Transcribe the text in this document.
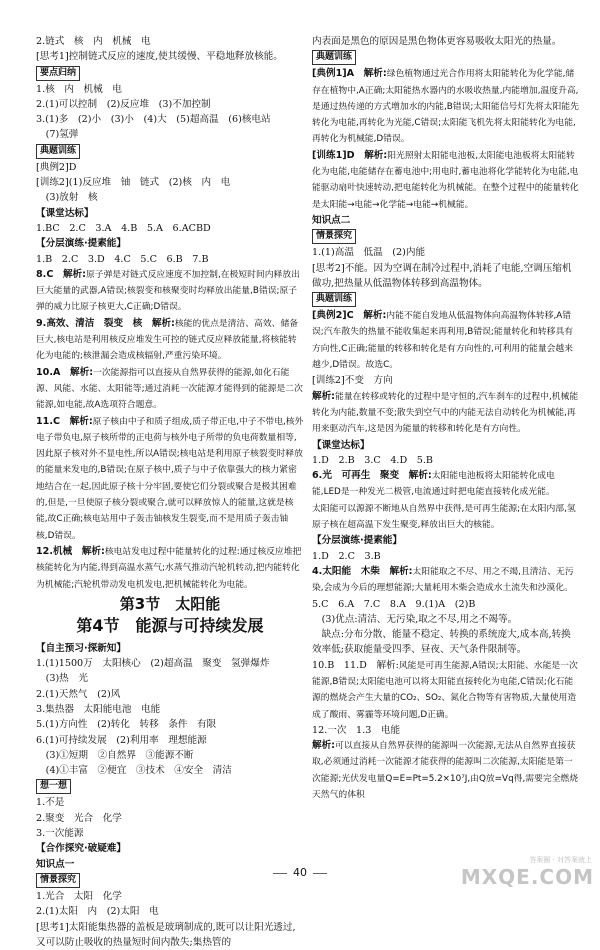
2.链式　核　内　机械　电
[思考1]控制链式反应的速度,使其缓慢、平稳地释放核能。
要点归纳
1.核　内　机械　电
2.(1)可以控制　(2)反应堆　(3)不加控制
3.(1)多　(2)小　(3)小　(4)大　(5)超高温　(6)核电站
　(7)氢弹
典题训练
[典例2]D
[训练2](1)反应堆　铀　链式　(2)核　内　电
　(3)放射　核
【课堂达标】
1.BC　2.C　3.A　4.B　5.A　6.ACBD
【分层演练·提素能】
1.B　2.C　3.D　4.C　5.C　6.B　7.B
8.C　解析:原子弹是对链式反应速度不加控制,在极短时间内释放出巨大能量的武器,A错误;核裂变和核聚变时均释放出能量,B错误;原子弹的威力比原子核更大,C正确;D错误。
9.高效、清洁　裂变　核　解析:核能的优点是清洁、高效、储备巨大,核电站是利用核反应堆发生可控的链式反应释放能量,将核能转化为电能的;核泄漏会造成核辐射,严重污染环境。
10.A　解析:一次能源指可以直接从自然界获得的能源,如化石能源、风能、水能、太阳能等;通过消耗一次能源才能得到的能源是二次能源,如电能,故A选项符合题意。
11.C　解析:原子核由中子和质子组成,质子带正电,中子不带电,核外电子带负电,原子核所带的正电荷与核外电子所带的负电荷数量相等,因此原子核对外不显电性,所以A错误;核电站是利用原子核裂变时释放的能量来发电的,B错误;在原子核中,质子与中子依靠强大的核力紧密地结合在一起,因此原子核十分牢固,要使它们分裂或聚合是极其困难的,但是,一旦使原子核分裂或聚合,就可以释放惊人的能量,这就是核能,故C正确;核电站用中子轰击铀核发生裂变,而不是用质子轰击铀核,D错误。
12.机械　解析:核电站发电过程中能量转化的过程:通过核反应堆把核能转化为内能,得到高温水蒸气;水蒸气推动汽轮机转动,把内能转化为机械能;汽轮机带动发电机发电,把机械能转化为电能。
第3节　太阳能
第4节　能源与可持续发展
【自主预习·探新知】
1.(1)1500万　太阳核心　(2)超高温　聚变　氢弹爆炸
　(3)热　光
2.(1)天然气　(2)风
3.集热器　太阳能电池　电能
5.(1)方向性　(2)转化　转移　条件　有限
6.(1)可持续发展　(2)利用率　理想能源
　(3)①短期　②自然界　③能源不断
　(4)①丰富　②便宜　③技术　④安全　清洁
想一想
1.不是
2.聚变　光合　化学
3.一次能源
【合作探究·破疑难】
知识点一
情景探究
1.光合　太阳　化学
2.(1)太阳　内　(2)太阳　电
[思考1]太阳能集热器的盖板是玻璃制成的,既可以让阳光透过,又可以防止吸收的热量短时间内散失;集热管的
内表面是黑色的原因是黑色物体更容易吸收太阳光的热量。
典题训练
[典例1]A　解析:绿色植物通过光合作用将太阳能转化为化学能,储存在植物中,A正确;太阳能热水器内的水吸收热量,内能增加,温度升高,是通过热传递的方式增加水的内能,B错误;太阳能信号灯先将太阳能先转化为电能,再转化为光能,C错误;太阳能飞机先将太阳能转化为电能,再转化为机械能,D错误。
[训练1]D　解析:阳光照射太阳能电池板,太阳能电池板将太阳能转化为电能,电能储存在蓄电池中;用电时,蓄电池将化学能转化为电能,电能驱动扇叶快速转动,把电能转化为机械能。在整个过程中的能量转化是太阳能→电能→化学能→电能→机械能。
知识点二
情景探究
1.(1)高温　低温　(2)内能
[思考2]不能。因为空调在制冷过程中,消耗了电能,空调压缩机做功,把热量从低温物体转移到高温物体。
典题训练
[典例2]C　解析:内能不能自发地从低温物体向高温物体转移,A错误;汽车散失的热量不能收集起来再利用,B错误;能量转化和转移具有方向性,C正确;能量的转移和转化是有方向性的,可利用的能量会越来越少,D错误。故选C。
[训练2]不变　方向
解析:能量在转移或转化的过程中是守恒的,汽车刹车的过程中,机械能转化为内能,数量不变;散失到空气中的内能无法自动转化为机械能,再用来驱动汽车,这是因为能量的转移和转化是有方向性。
【课堂达标】
1.D　2.B　3.C　4.D　5.B
6.光　可再生　聚变　解析:太阳能电池板将太阳能转化成电能,LED是一种发光二极管,电流通过时把电能直接转化成光能。
太阳能可以源源不断地从自然界中获得,是可再生能源;在太阳内部,氢原子核在超高温下发生聚变,释放出巨大的核能。
【分层演练·提素能】
1.D　2.C　3.B
4.太阳能　木柴　解析:太阳能取之不尽、用之不竭,且清洁、无污染,会成为今后的理想能源;大量耗用木柴会造成水土流失和沙漠化。
5.C　6.A　7.C　8.A　9.(1)A　(2)B
　(3)优点:清洁、无污染,取之不尽,用之不竭等。
　缺点:分布分散、能量不稳定、转换的系统庞大,成本高,转换效率低;获取能量受四季、昼夜、天气条件限制等。
10.B　11.D　解析:风能是可再生能源,A错误;太阳能、水能是一次能源,B错误;太阳能电池可以将太阳能直接转化为电能,C错误;化石能源的燃烧会产生大量的CO₂、SO₂、氮化合物等有害物质,大量使用造成了酸雨、雾霾等环境问题,D正确。
12.一次　1.3　电能
解析:可以直接从自然界获得的能源叫一次能源,无法从自然界直接获取,必须通过消耗一次能源才能获得的能源叫二次能源,太阳能是第一次能源;光伏发电量Q=E=Pt=5.2×10⁷J,由Q放=Vq得,需要完全燃烧天然气的体积
40
答案圈 · 对答案就上
MXQE.COM
